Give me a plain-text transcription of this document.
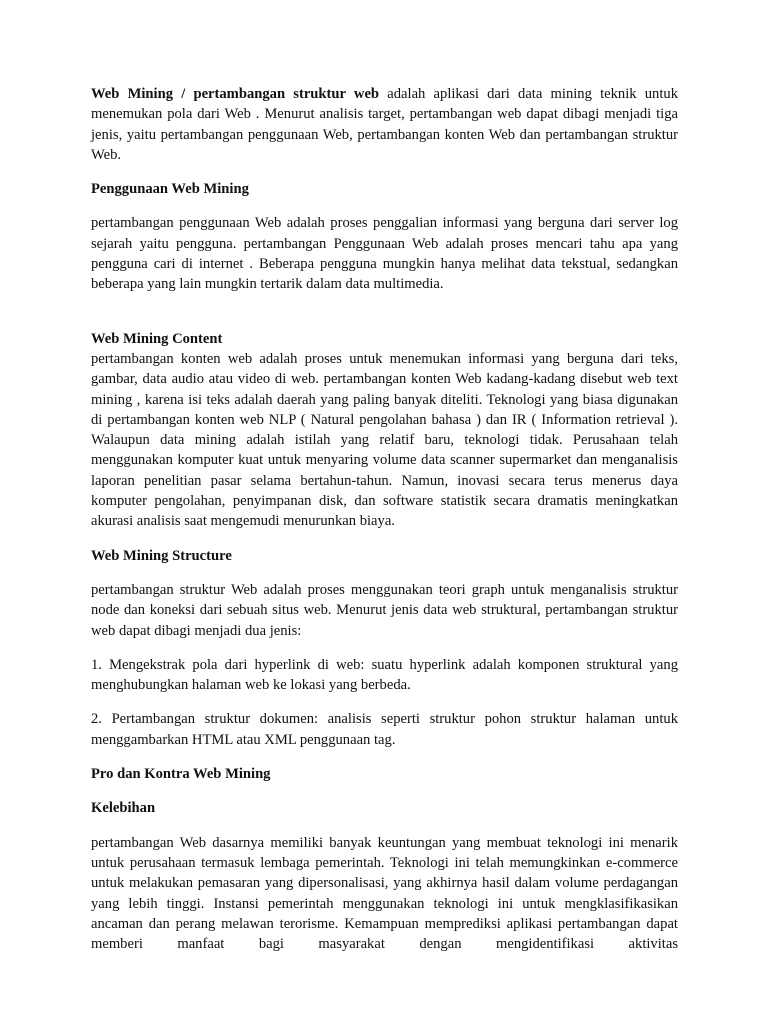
Web Mining / pertambangan struktur web adalah aplikasi dari data mining teknik untuk menemukan pola dari Web . Menurut analisis target, pertambangan web dapat dibagi menjadi tiga jenis, yaitu pertambangan penggunaan Web, pertambangan konten Web dan pertambangan struktur Web.

Penggunaan Web Mining

pertambangan penggunaan Web adalah proses penggalian informasi yang berguna dari server log sejarah yaitu pengguna. pertambangan Penggunaan Web adalah proses mencari tahu apa yang pengguna cari di internet . Beberapa pengguna mungkin hanya melihat data tekstual, sedangkan beberapa yang lain mungkin tertarik dalam data multimedia.

Web Mining Content

pertambangan konten web adalah proses untuk menemukan informasi yang berguna dari teks, gambar, data audio atau video di web. pertambangan konten Web kadang-kadang disebut web text mining , karena isi teks adalah daerah yang paling banyak diteliti. Teknologi yang biasa digunakan di pertambangan konten web NLP ( Natural pengolahan bahasa ) dan IR ( Information retrieval ). Walaupun data mining adalah istilah yang relatif baru, teknologi tidak. Perusahaan telah menggunakan komputer kuat untuk menyaring volume data scanner supermarket dan menganalisis laporan penelitian pasar selama bertahun-tahun. Namun, inovasi secara terus menerus daya komputer pengolahan, penyimpanan disk, dan software statistik secara dramatis meningkatkan akurasi analisis saat mengemudi menurunkan biaya.

Web Mining Structure

pertambangan struktur Web adalah proses menggunakan teori graph untuk menganalisis struktur node dan koneksi dari sebuah situs web. Menurut jenis data web struktural, pertambangan struktur web dapat dibagi menjadi dua jenis:

1. Mengekstrak pola dari hyperlink di web: suatu hyperlink adalah komponen struktural yang menghubungkan halaman web ke lokasi yang berbeda.

2. Pertambangan struktur dokumen: analisis seperti struktur pohon struktur halaman untuk menggambarkan HTML atau XML penggunaan tag.

Pro dan Kontra Web Mining

Kelebihan

pertambangan Web dasarnya memiliki banyak keuntungan yang membuat teknologi ini menarik untuk perusahaan termasuk lembaga pemerintah. Teknologi ini telah memungkinkan e-commerce untuk melakukan pemasaran yang dipersonalisasi, yang akhirnya hasil dalam volume perdagangan yang lebih tinggi. Instansi pemerintah menggunakan teknologi ini untuk mengklasifikasikan ancaman dan perang melawan terorisme. Kemampuan memprediksi aplikasi pertambangan dapat memberi manfaat bagi masyarakat dengan mengidentifikasi aktivitas
